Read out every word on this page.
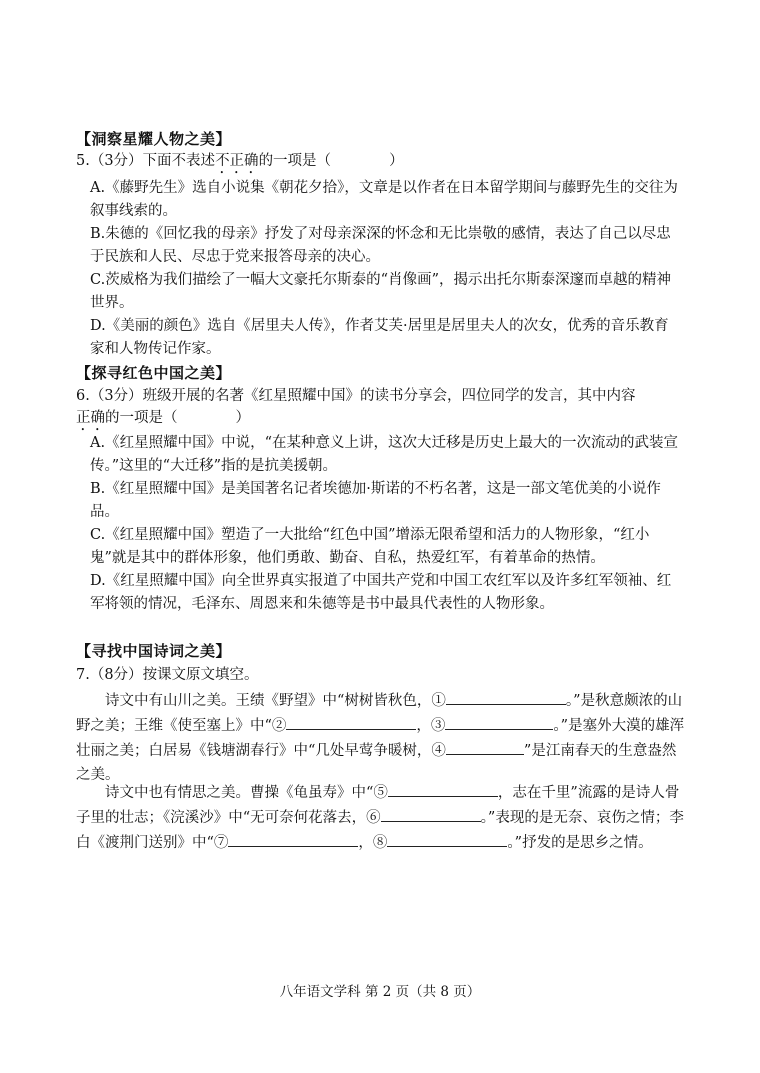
【洞察星耀人物之美】
5.（3分）下面不表述不正确的一项是（	）
A.《藤野先生》选自小说集《朝花夕拾》，文章是以作者在日本留学期间与藤野先生的交往为叙事线索的。
B.朱德的《回忆我的母亲》抒发了对母亲深深的怀念和无比崇敬的感情，表达了自己以尽忠于民族和人民、尽忠于党来报答母亲的决心。
C.茨威格为我们描绘了一幅大文豪托尔斯泰的“肖像画”，揭示出托尔斯泰深邃而卓越的精神世界。
D.《美丽的颜色》选自《居里夫人传》，作者艾芙·居里是居里夫人的次女，优秀的音乐教育家和人物传记作家。
【探寻红色中国之美】
6.（3分）班级开展的名著《红星照耀中国》的读书分享会，四位同学的发言，其中内容
正确的一项是（	）
A.《红星照耀中国》中说，“在某种意义上讲，这次大迁移是历史上最大的一次流动的武装宣传。”这里的“大迁移”指的是抗美援朝。
B.《红星照耀中国》是美国著名记者埃德加·斯诺的不朽名著，这是一部文笔优美的小说作品。
C.《红星照耀中国》塑造了一大批给“红色中国”增添无限希望和活力的人物形象，“红小鬼”就是其中的群体形象，他们勇敢、勤奋、自私，热爱红军，有着革命的热情。
D.《红星照耀中国》向全世界真实报道了中国共产党和中国工农红军以及许多红军领袖、红军将领的情况，毛泽东、周恩来和朱德等是书中最具代表性的人物形象。
【寻找中国诗词之美】
7.（8分）按课文原文填空。
诗文中有山川之美。王绩《野望》中“树树皆秋色，①	。”是秋意颇浓的山野之美；王维《使至塞上》中“②	，③	。”是塞外大漠的雄浑壮丽之美；白居易《钱塘湖春行》中“几处早莺争暖树，④	”是江南春天的生意盎然之美。
诗文中也有情思之美。曹操《龟虽寿》中“⑤	，志在千里”流露的是诗人骨子里的壮志；《浣溪沙》中“无可奈何花落去，⑥	。”表现的是无奈、哀伤之情；李白《渡荆门送别》中“⑦	，⑧	。”抒发的是思乡之情。
八年语文学科 第 2 页（共 8 页）
